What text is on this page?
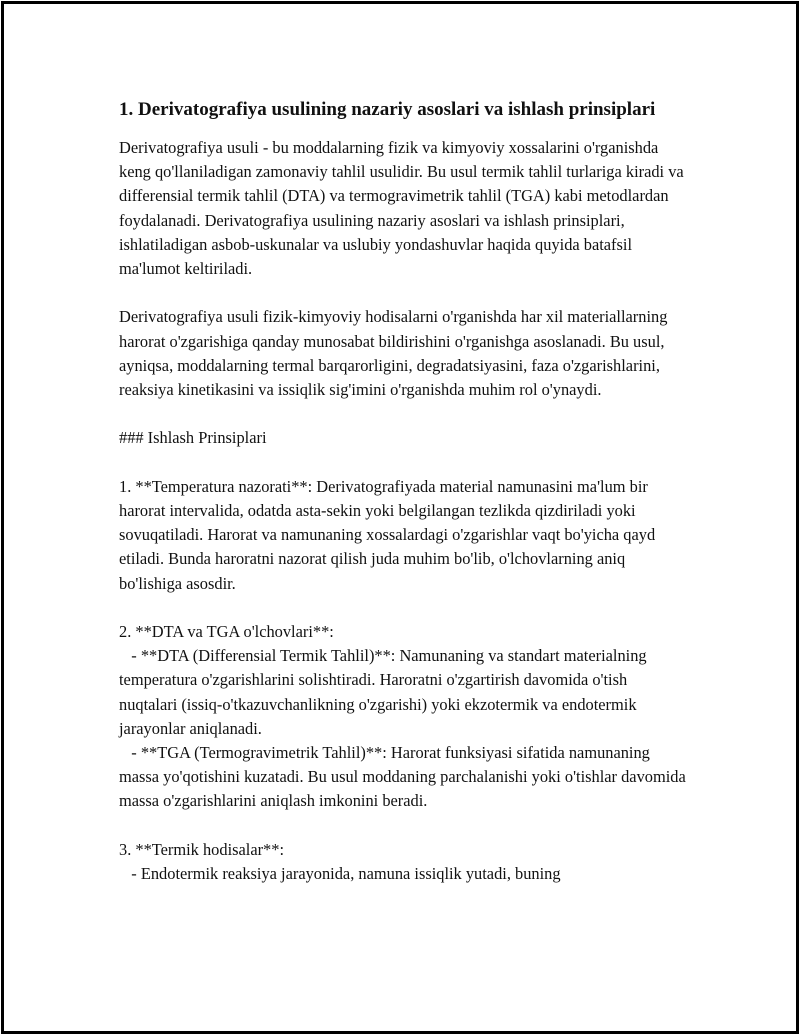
1. Derivatografiya usulining nazariy asoslari va ishlash prinsiplari

Derivatografiya usuli - bu moddalarning fizik va kimyoviy xossalarini o'rganishda keng qo'llaniladigan zamonaviy tahlil usulidir. Bu usul termik tahlil turlariga kiradi va differensial termik tahlil (DTA) va termogravimetrik tahlil (TGA) kabi metodlardan foydalanadi. Derivatografiya usulining nazariy asoslari va ishlash prinsiplari, ishlatiladigan asbob-uskunalar va uslubiy yondashuvlar haqida quyida batafsil ma'lumot keltiriladi.

Derivatografiya usuli fizik-kimyoviy hodisalarni o'rganishda har xil materiallarning harorat o'zgarishiga qanday munosabat bildirishini o'rganishga asoslanadi. Bu usul, ayniqsa, moddalarning termal barqarorligini, degradatsiyasini, faza o'zgarishlarini, reaksiya kinetikasini va issiqlik sig'imini o'rganishda muhim rol o'ynaydi.

### Ishlash Prinsiplari

1. **Temperatura nazorati**: Derivatografiyada material namunasini ma'lum bir harorat intervalida, odatda asta-sekin yoki belgilangan tezlikda qizdiriladi yoki sovuqatiladi. Harorat va namunaning xossalardagi o'zgarishlar vaqt bo'yicha qayd etiladi. Bunda haroratni nazorat qilish juda muhim bo'lib, o'lchovlarning aniq bo'lishiga asosdir.

2. **DTA va TGA o'lchovlari**:
- **DTA (Differensial Termik Tahlil)**: Namunaning va standart materialning temperatura o'zgarishlarini solishtiradi. Haroratni o'zgartirish davomida o'tish nuqtalari (issiq-o'tkazuvchanlikning o'zgarishi) yoki ekzotermik va endotermik jarayonlar aniqlanadi.
- **TGA (Termogravimetrik Tahlil)**: Harorat funksiyasi sifatida namunaning massa yo'qotishini kuzatadi. Bu usul moddaning parchalanishi yoki o'tishlar davomida massa o'zgarishlarini aniqlash imkonini beradi.

3. **Termik hodisalar**:
- Endotermik reaksiya jarayonida, namuna issiqlik yutadi, buning
